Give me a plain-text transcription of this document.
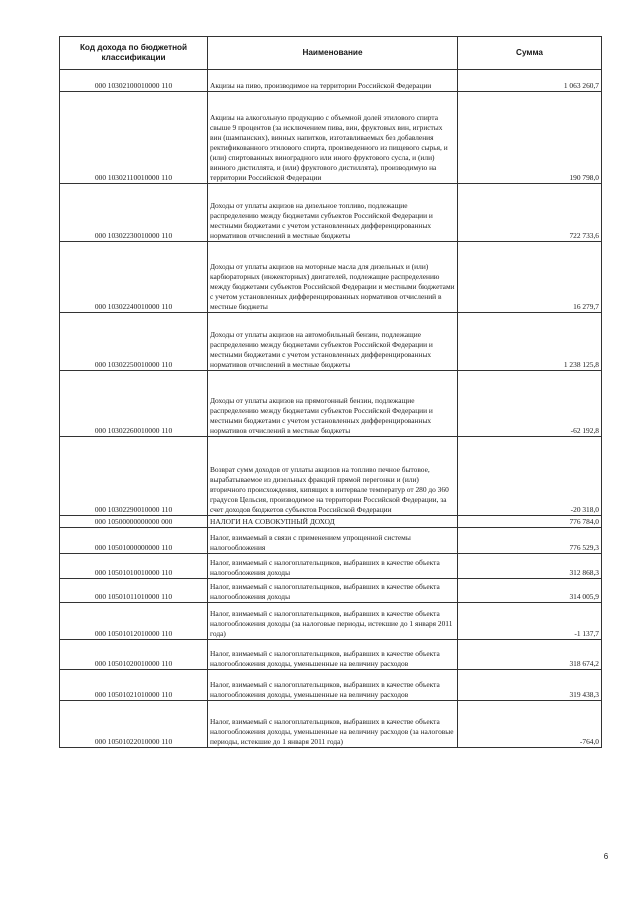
Код дохода по бюджетной классификации	Наименование	Сумма
000 10302100010000 110	Акцизы на пиво, производимое на территории Российской Федерации	1 063 260,7
000 10302110010000 110	Акцизы на алкогольную продукцию с объемной долей этилового спирта свыше 9 процентов (за исключением пива, вин, фруктовых вин, игристых вин (шампанских), винных напитков, изготавливаемых без добавления ректификованного этилового спирта, произведенного из пищевого сырья, и (или) спиртованных виноградного или иного фруктового сусла, и (или) винного дистиллята, и (или) фруктового дистиллята), производимую на территории Российской Федерации	190 798,0
000 10302230010000 110	Доходы от уплаты акцизов на дизельное топливо, подлежащие распределению между бюджетами субъектов Российской Федерации и местными бюджетами с учетом установленных дифференцированных нормативов отчислений в местные бюджеты	722 733,6
000 10302240010000 110	Доходы от уплаты акцизов на моторные масла для дизельных и (или) карбюраторных (инжекторных) двигателей, подлежащие распределению между бюджетами субъектов Российской Федерации и местными бюджетами с учетом установленных дифференцированных нормативов отчислений в местные бюджеты	16 279,7
000 10302250010000 110	Доходы от уплаты акцизов на автомобильный бензин, подлежащие распределению между бюджетами субъектов Российской Федерации и местными бюджетами с учетом установленных дифференцированных нормативов отчислений в местные бюджеты	1 238 125,8
000 10302260010000 110	Доходы от уплаты акцизов на прямогонный бензин, подлежащие распределению между бюджетами субъектов Российской Федерации и местными бюджетами с учетом установленных дифференцированных нормативов отчислений в местные бюджеты	-62 192,8
000 10302290010000 110	Возврат сумм доходов от уплаты акцизов на топливо печное бытовое, вырабатываемое из дизельных фракций прямой перегонки и (или) вторичного происхождения, кипящих в интервале температур от 280 до 360 градусов Цельсия, производимое на территории Российской Федерации, за счет доходов бюджетов субъектов Российской Федерации	-20 318,0
000 10500000000000 000	НАЛОГИ НА СОВОКУПНЫЙ ДОХОД	776 784,0
000 10501000000000 110	Налог, взимаемый в связи с применением упрощенной системы налогообложения	776 529,3
000 10501010010000 110	Налог, взимаемый с налогоплательщиков, выбравших в качестве объекта налогообложения доходы	312 868,3
000 10501011010000 110	Налог, взимаемый с налогоплательщиков, выбравших в качестве объекта налогообложения доходы	314 005,9
000 10501012010000 110	Налог, взимаемый с налогоплательщиков, выбравших в качестве объекта налогообложения доходы (за налоговые периоды, истекшие до 1 января 2011 года)	-1 137,7
000 10501020010000 110	Налог, взимаемый с налогоплательщиков, выбравших в качестве объекта налогообложения доходы, уменьшенные на величину расходов	318 674,2
000 10501021010000 110	Налог, взимаемый с налогоплательщиков, выбравших в качестве объекта налогообложения доходы, уменьшенные на величину расходов	319 438,3
000 10501022010000 110	Налог, взимаемый с налогоплательщиков, выбравших в качестве объекта налогообложения доходы, уменьшенные на величину расходов (за налоговые периоды, истекшие до 1 января 2011 года)	-764,0
6
